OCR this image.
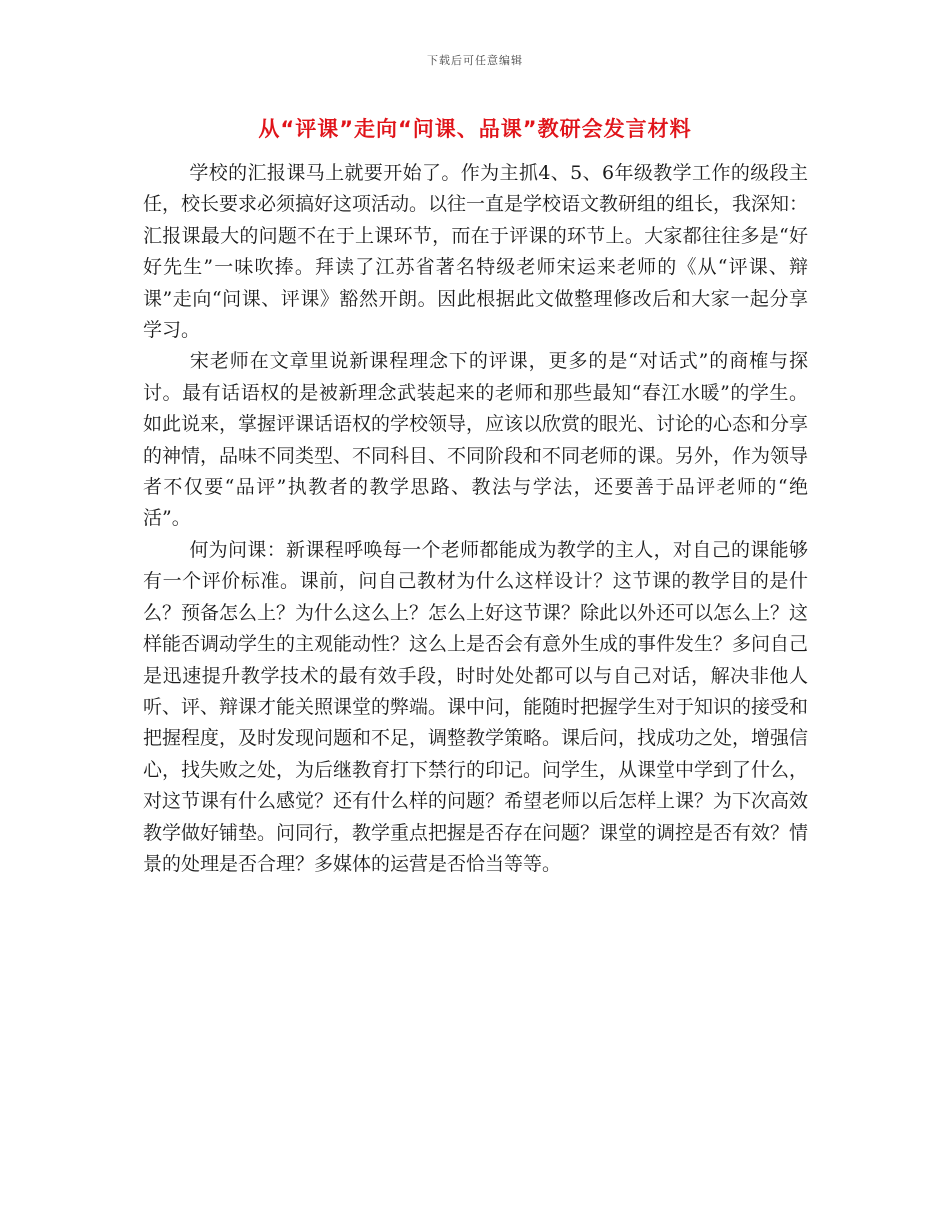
下载后可任意编辑
从“评课”走向“问课、品课”教研会发言材料

学校的汇报课马上就要开始了。作为主抓4、5、6年级教学工作的级段主任，校长要求必须搞好这项活动。以往一直是学校语文教研组的组长，我深知：汇报课最大的问题不在于上课环节，而在于评课的环节上。大家都往往多是“好好先生”一味吹捧。拜读了江苏省著名特级老师宋运来老师的《从“评课、辩课”走向“问课、评课》豁然开朗。因此根据此文做整理修改后和大家一起分享学习。

宋老师在文章里说新课程理念下的评课，更多的是“对话式”的商榷与探讨。最有话语权的是被新理念武装起来的老师和那些最知“春江水暖”的学生。如此说来，掌握评课话语权的学校领导，应该以欣赏的眼光、讨论的心态和分享的神情，品味不同类型、不同科目、不同阶段和不同老师的课。另外，作为领导者不仅要“品评”执教者的教学思路、教法与学法，还要善于品评老师的“绝活”。

何为问课：新课程呼唤每一个老师都能成为教学的主人，对自己的课能够有一个评价标准。课前，问自己教材为什么这样设计？这节课的教学目的是什么？预备怎么上？为什么这么上？怎么上好这节课？除此以外还可以怎么上？这样能否调动学生的主观能动性？这么上是否会有意外生成的事件发生？多问自己是迅速提升教学技术的最有效手段，时时处处都可以与自己对话，解决非他人听、评、辩课才能关照课堂的弊端。课中问，能随时把握学生对于知识的接受和把握程度，及时发现问题和不足，调整教学策略。课后问，找成功之处，增强信心，找失败之处，为后继教育打下禁行的印记。问学生，从课堂中学到了什么，对这节课有什么感觉？还有什么样的问题？希望老师以后怎样上课？为下次高效教学做好铺垫。问同行，教学重点把握是否存在问题？课堂的调控是否有效？情景的处理是否合理？多媒体的运营是否恰当等等。
